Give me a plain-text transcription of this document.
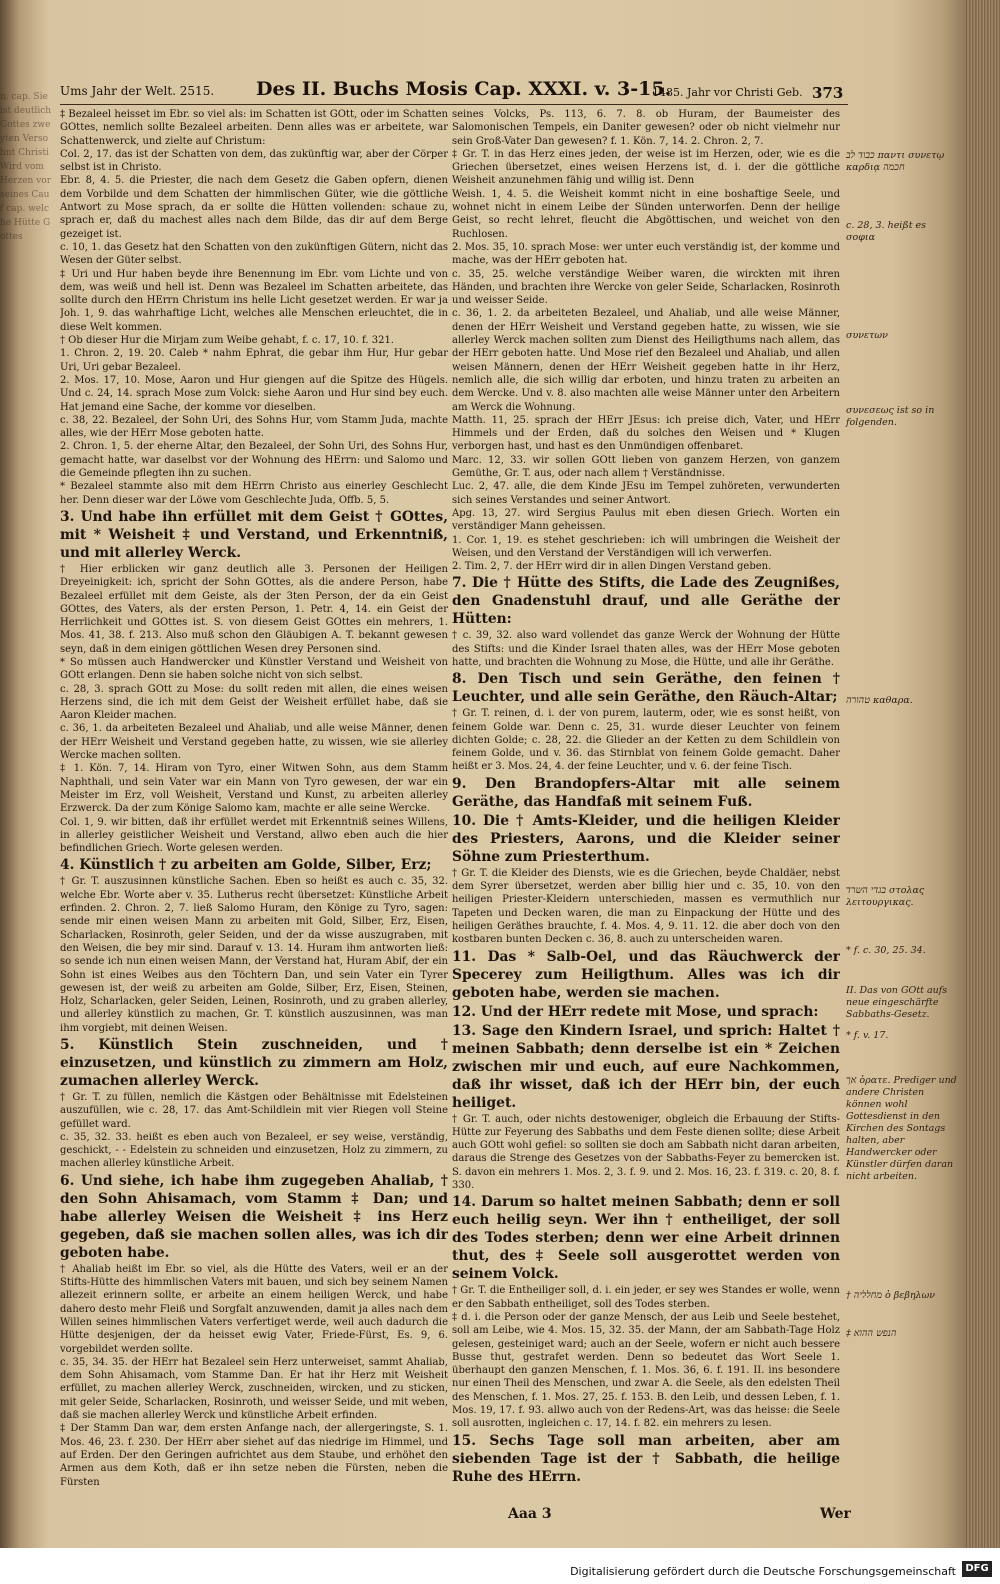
n. cap. Sie ist deutlich Gottes zweyten Versohnt Christi Wird vom Herzen vor seines Cauf cap. welche Hütte Gottes
Ums Jahr der Welt. 2515. Des II. Buchs Mosis Cap. XXXI. v. 3-15.
1485. Jahr vor Christi Geb. 373

‡ Bezaleel heisset im Ebr. so viel als: im Schatten ist GOtt, oder im Schatten GOttes, nemlich sollte Bezaleel arbeiten. Denn alles was er arbeitete, war Schattenwerck, und zielte auf Christum:

Col. 2, 17. das ist der Schatten von dem, das zukünftig war, aber der Cörper selbst ist in Christo.

Ebr. 8, 4. 5. die Priester, die nach dem Gesetz die Gaben opfern, dienen dem Vorbilde und dem Schatten der himmlischen Güter, wie die göttliche Antwort zu Mose sprach, da er sollte die Hütten vollenden: schaue zu, sprach er, daß du machest alles nach dem Bilde, das dir auf dem Berge gezeiget ist.

c. 10, 1. das Gesetz hat den Schatten von den zukünftigen Gütern, nicht das Wesen der Güter selbst.

‡ Uri und Hur haben beyde ihre Benennung im Ebr. vom Lichte und von dem, was weiß und hell ist. Denn was Bezaleel im Schatten arbeitete, das sollte durch den HErrn Christum ins helle Licht gesetzet werden. Er war ja Joh. 1, 9. das wahrhaftige Licht, welches alle Menschen erleuchtet, die in diese Welt kommen.

† Ob dieser Hur die Mirjam zum Weibe gehabt, f. c. 17, 10. f. 321.

1. Chron. 2, 19. 20. Caleb * nahm Ephrat, die gebar ihm Hur, Hur gebar Uri, Uri gebar Bezaleel.

2. Mos. 17, 10. Mose, Aaron und Hur giengen auf die Spitze des Hügels. Und c. 24, 14. sprach Mose zum Volck: siehe Aaron und Hur sind bey euch. Hat jemand eine Sache, der komme vor dieselben.

c. 38, 22. Bezaleel, der Sohn Uri, des Sohns Hur, vom Stamm Juda, machte alles, wie der HErr Mose geboten hatte.

2. Chron. 1, 5. der eherne Altar, den Bezaleel, der Sohn Uri, des Sohns Hur, gemacht hatte, war daselbst vor der Wohnung des HErrn: und Salomo und die Gemeinde pflegten ihn zu suchen.

* Bezaleel stammte also mit dem HErrn Christo aus einerley Geschlecht her. Denn dieser war der Löwe vom Geschlechte Juda, Offb. 5, 5.

3. Und habe ihn erfüllet mit dem Geist † GOttes, mit * Weisheit ‡ und Verstand, und Erkenntniß, und mit allerley Werck.

† Hier erblicken wir ganz deutlich alle 3. Personen der Heiligen Dreyeinigkeit: ich, spricht der Sohn GOttes, als die andere Person, habe Bezaleel erfüllet mit dem Geiste, als der 3ten Person, der da ein Geist GOttes, des Vaters, als der ersten Person, 1. Petr. 4, 14. ein Geist der Herrlichkeit und GOttes ist. S. von diesem Geist GOttes ein mehrers, 1. Mos. 41, 38. f. 213. Also muß schon den Gläubigen A. T. bekannt gewesen seyn, daß in dem einigen göttlichen Wesen drey Personen sind.

* So müssen auch Handwercker und Künstler Verstand und Weisheit von GOtt erlangen. Denn sie haben solche nicht von sich selbst.

c. 28, 3. sprach GOtt zu Mose: du sollt reden mit allen, die eines weisen Herzens sind, die ich mit dem Geist der Weisheit erfüllet habe, daß sie Aaron Kleider machen.

c. 36, 1. da arbeiteten Bezaleel und Ahaliab, und alle weise Männer, denen der HErr Weisheit und Verstand gegeben hatte, zu wissen, wie sie allerley Wercke machen sollten.

‡ 1. Kön. 7, 14. Hiram von Tyro, einer Witwen Sohn, aus dem Stamm Naphthali, und sein Vater war ein Mann von Tyro gewesen, der war ein Meister im Erz, voll Weisheit, Verstand und Kunst, zu arbeiten allerley Erzwerck. Da der zum Könige Salomo kam, machte er alle seine Wercke.

Col. 1, 9. wir bitten, daß ihr erfüllet werdet mit Erkenntniß seines Willens, in allerley geistlicher Weisheit und Verstand, allwo eben auch die hier befindlichen Griech. Worte gelesen werden.

4. Künstlich † zu arbeiten am Golde, Silber, Erz;

† Gr. T. auszusinnen künstliche Sachen. Eben so heißt es auch c. 35, 32. welche Ebr. Worte aber v. 35. Lutherus recht übersetzet: Künstliche Arbeit erfinden. 2. Chron. 2, 7. ließ Salomo Huram, den Könige zu Tyro, sagen: sende mir einen weisen Mann zu arbeiten mit Gold, Silber, Erz, Eisen, Scharlacken, Rosinroth, geler Seiden, und der da wisse auszugraben, mit den Weisen, die bey mir sind. Darauf v. 13. 14. Huram ihm antworten ließ: so sende ich nun einen weisen Mann, der Verstand hat, Huram Abif, der ein Sohn ist eines Weibes aus den Töchtern Dan, und sein Vater ein Tyrer gewesen ist, der weiß zu arbeiten am Golde, Silber, Erz, Eisen, Steinen, Holz, Scharlacken, geler Seiden, Leinen, Rosinroth, und zu graben allerley, und allerley künstlich zu machen, Gr. T. künstlich auszusinnen, was man ihm vorgiebt, mit deinen Weisen.

5. Künstlich Stein zuschneiden, und † einzusetzen, und künstlich zu zimmern am Holz, zumachen allerley Werck.

† Gr. T. zu füllen, nemlich die Kästgen oder Behältnisse mit Edelsteinen auszufüllen, wie c. 28, 17. das Amt-Schildlein mit vier Riegen voll Steine gefüllet ward.

c. 35, 32. 33. heißt es eben auch von Bezaleel, er sey weise, verständig, geschickt, - - Edelstein zu schneiden und einzusetzen, Holz zu zimmern, zu machen allerley künstliche Arbeit.

6. Und siehe, ich habe ihm zugegeben Ahaliab, † den Sohn Ahisamach, vom Stamm ‡ Dan; und habe allerley Weisen die Weisheit ‡ ins Herz gegeben, daß sie machen sollen alles, was ich dir geboten habe.

† Ahaliab heißt im Ebr. so viel, als die Hütte des Vaters, weil er an der Stifts-Hütte des himmlischen Vaters mit bauen, und sich bey seinem Namen allezeit erinnern sollte, er arbeite an einem heiligen Werck, und habe dahero desto mehr Fleiß und Sorgfalt anzuwenden, damit ja alles nach dem Willen seines himmlischen Vaters verfertiget werde, weil auch dadurch die Hütte desjenigen, der da heisset ewig Vater, Friede-Fürst, Es. 9, 6. vorgebildet werden sollte.

c. 35, 34. 35. der HErr hat Bezaleel sein Herz unterweiset, sammt Ahaliab, dem Sohn Ahisamach, vom Stamme Dan. Er hat ihr Herz mit Weisheit erfüllet, zu machen allerley Werck, zuschneiden, wircken, und zu sticken, mit geler Seide, Scharlacken, Rosinroth, und weisser Seide, und mit weben, daß sie machen allerley Werck und künstliche Arbeit erfinden.

‡ Der Stamm Dan war, dem ersten Anfange nach, der allergeringste, S. 1. Mos. 46, 23. f. 230. Der HErr aber siehet auf das niedrige im Himmel, und auf Erden. Der den Geringen aufrichtet aus dem Staube, und erhöhet den Armen aus dem Koth, daß er ihn setze neben die Fürsten, neben die Fürsten

seines Volcks, Ps. 113, 6. 7. 8. ob Huram, der Baumeister des Salomonischen Tempels, ein Daniter gewesen? oder ob nicht vielmehr nur sein Groß-Vater Dan gewesen? f. 1. Kön. 7, 14. 2. Chron. 2, 7.

‡ Gr. T. in das Herz eines jeden, der weise ist im Herzen, oder, wie es die Griechen übersetzet, eines weisen Herzens ist, d. i. der die göttliche Weisheit anzunehmen fähig und willig ist. Denn

Weish. 1, 4. 5. die Weisheit kommt nicht in eine boshaftige Seele, und wohnet nicht in einem Leibe der Sünden unterworfen. Denn der heilige Geist, so recht lehret, fleucht die Abgöttischen, und weichet von den Ruchlosen.

2. Mos. 35, 10. sprach Mose: wer unter euch verständig ist, der komme und mache, was der HErr geboten hat.

c. 35, 25. welche verständige Weiber waren, die wirckten mit ihren Händen, und brachten ihre Wercke von geler Seide, Scharlacken, Rosinroth und weisser Seide.

c. 36, 1. 2. da arbeiteten Bezaleel, und Ahaliab, und alle weise Männer, denen der HErr Weisheit und Verstand gegeben hatte, zu wissen, wie sie allerley Werck machen sollten zum Dienst des Heiligthums nach allem, das der HErr geboten hatte. Und Mose rief den Bezaleel und Ahaliab, und allen weisen Männern, denen der HErr Weisheit gegeben hatte in ihr Herz, nemlich alle, die sich willig dar erboten, und hinzu traten zu arbeiten an dem Wercke. Und v. 8. also machten alle weise Männer unter den Arbeitern am Werck die Wohnung.

Matth. 11, 25. sprach der HErr JEsus: ich preise dich, Vater, und HErr Himmels und der Erden, daß du solches den Weisen und * Klugen verborgen hast, und hast es den Unmündigen offenbaret.

Marc. 12, 33. wir sollen GOtt lieben von ganzem Herzen, von ganzem Gemüthe, Gr. T. aus, oder nach allem † Verständnisse.

Luc. 2, 47. alle, die dem Kinde JEsu im Tempel zuhöreten, verwunderten sich seines Verstandes und seiner Antwort.

Apg. 13, 27. wird Sergius Paulus mit eben diesen Griech. Worten ein verständiger Mann geheissen.

1. Cor. 1, 19. es stehet geschrieben: ich will umbringen die Weisheit der Weisen, und den Verstand der Verständigen will ich verwerfen.

2. Tim. 2, 7. der HErr wird dir in allen Dingen Verstand geben.

7. Die † Hütte des Stifts, die Lade des Zeugnißes, den Gnadenstuhl drauf, und alle Geräthe der Hütten:

† c. 39, 32. also ward vollendet das ganze Werck der Wohnung der Hütte des Stifts: und die Kinder Israel thaten alles, was der HErr Mose geboten hatte, und brachten die Wohnung zu Mose, die Hütte, und alle ihr Geräthe.

8. Den Tisch und sein Geräthe, den feinen † Leuchter, und alle sein Geräthe, den Räuch-Altar;

† Gr. T. reinen, d. i. der von purem, lauterm, oder, wie es sonst heißt, von feinem Golde war. Denn c. 25, 31. wurde dieser Leuchter von feinem dichten Golde; c. 28, 22. die Glieder an der Ketten zu dem Schildlein von feinem Golde, und v. 36. das Stirnblat von feinem Golde gemacht. Daher heißt er 3. Mos. 24, 4. der feine Leuchter, und v. 6. der feine Tisch.

9. Den Brandopfers-Altar mit alle seinem Geräthe, das Handfaß mit seinem Fuß.

10. Die † Amts-Kleider, und die heiligen Kleider des Priesters, Aarons, und die Kleider seiner Söhne zum Priesterthum.

† Gr. T. die Kleider des Diensts, wie es die Griechen, beyde Chaldäer, nebst dem Syrer übersetzet, werden aber billig hier und c. 35, 10. von den heiligen Priester-Kleidern unterschieden, massen es vermuthlich nur Tapeten und Decken waren, die man zu Einpackung der Hütte und des heiligen Geräthes brauchte, f. 4. Mos. 4, 9. 11. 12. die aber doch von den kostbaren bunten Decken c. 36, 8. auch zu unterscheiden waren.

11. Das * Salb-Oel, und das Räuchwerck der Specerey zum Heiligthum. Alles was ich dir geboten habe, werden sie machen.

12. Und der HErr redete mit Mose, und sprach:

13. Sage den Kindern Israel, und sprich: Haltet † meinen Sabbath; denn derselbe ist ein * Zeichen zwischen mir und euch, auf eure Nachkommen, daß ihr wisset, daß ich der HErr bin, der euch heiliget.

† Gr. T. auch, oder nichts destoweniger, obgleich die Erbauung der Stifts-Hütte zur Feyerung des Sabbaths und dem Feste dienen sollte; diese Arbeit auch GOtt wohl gefiel: so sollten sie doch am Sabbath nicht daran arbeiten, daraus die Strenge des Gesetzes von der Sabbaths-Feyer zu bemercken ist. S. davon ein mehrers 1. Mos. 2, 3. f. 9. und 2. Mos. 16, 23. f. 319. c. 20, 8. f. 330.

14. Darum so haltet meinen Sabbath; denn er soll euch heilig seyn. Wer ihn † entheiliget, der soll des Todes sterben; denn wer eine Arbeit drinnen thut, des ‡ Seele soll ausgerottet werden von seinem Volck.

† Gr. T. die Entheiliger soll, d. i. ein jeder, er sey wes Standes er wolle, wenn er den Sabbath entheiliget, soll des Todes sterben.

‡ d. i. die Person oder der ganze Mensch, der aus Leib und Seele bestehet, soll am Leibe, wie 4. Mos. 15, 32. 35. der Mann, der am Sabbath-Tage Holz gelesen, gesteiniget ward; auch an der Seele, wofern er nicht auch bessere Busse thut, gestrafet werden. Denn so bedeutet das Wort Seele 1. überhaupt den ganzen Menschen, f. 1. Mos. 36, 6. f. 191. II. ins besondere nur einen Theil des Menschen, und zwar A. die Seele, als den edelsten Theil des Menschen, f. 1. Mos. 27, 25. f. 153. B. den Leib, und dessen Leben, f. 1. Mos. 19, 17. f. 93. allwo auch von der Redens-Art, was das heisse: die Seele soll ausrotten, ingleichen c. 17, 14. f. 82. ein mehrers zu lesen.

15. Sechs Tage soll man arbeiten, aber am siebenden Tage ist der † Sabbath, die heilige Ruhe des HErrn.

כבוד לב παντι συνετῳ καρδιᾳ חכמה
c. 28, 3. heißt es σοφια
συνετων
συνεσεως ist so in folgenden.
טהורה καθαρα.
בגדי השרד στολας λειτουργικας.
* f. c. 30, 25. 34.
II. Das von GOtt aufs neue eingeschärfte Sabbaths-Gesetz.
* f. v. 17.
אך ὁρατε. Prediger und andere Christen können wohl Gottesdienst in den Kirchen des Sontags halten, aber Handwercker oder Künstler dürfen daran nicht arbeiten.
† מחלליה ὁ βεβηλων
‡ הנפש ההוא
Aaa 3	Wer
Digitalisierung gefördert durch die Deutsche Forschungsgemeinschaft DFG
